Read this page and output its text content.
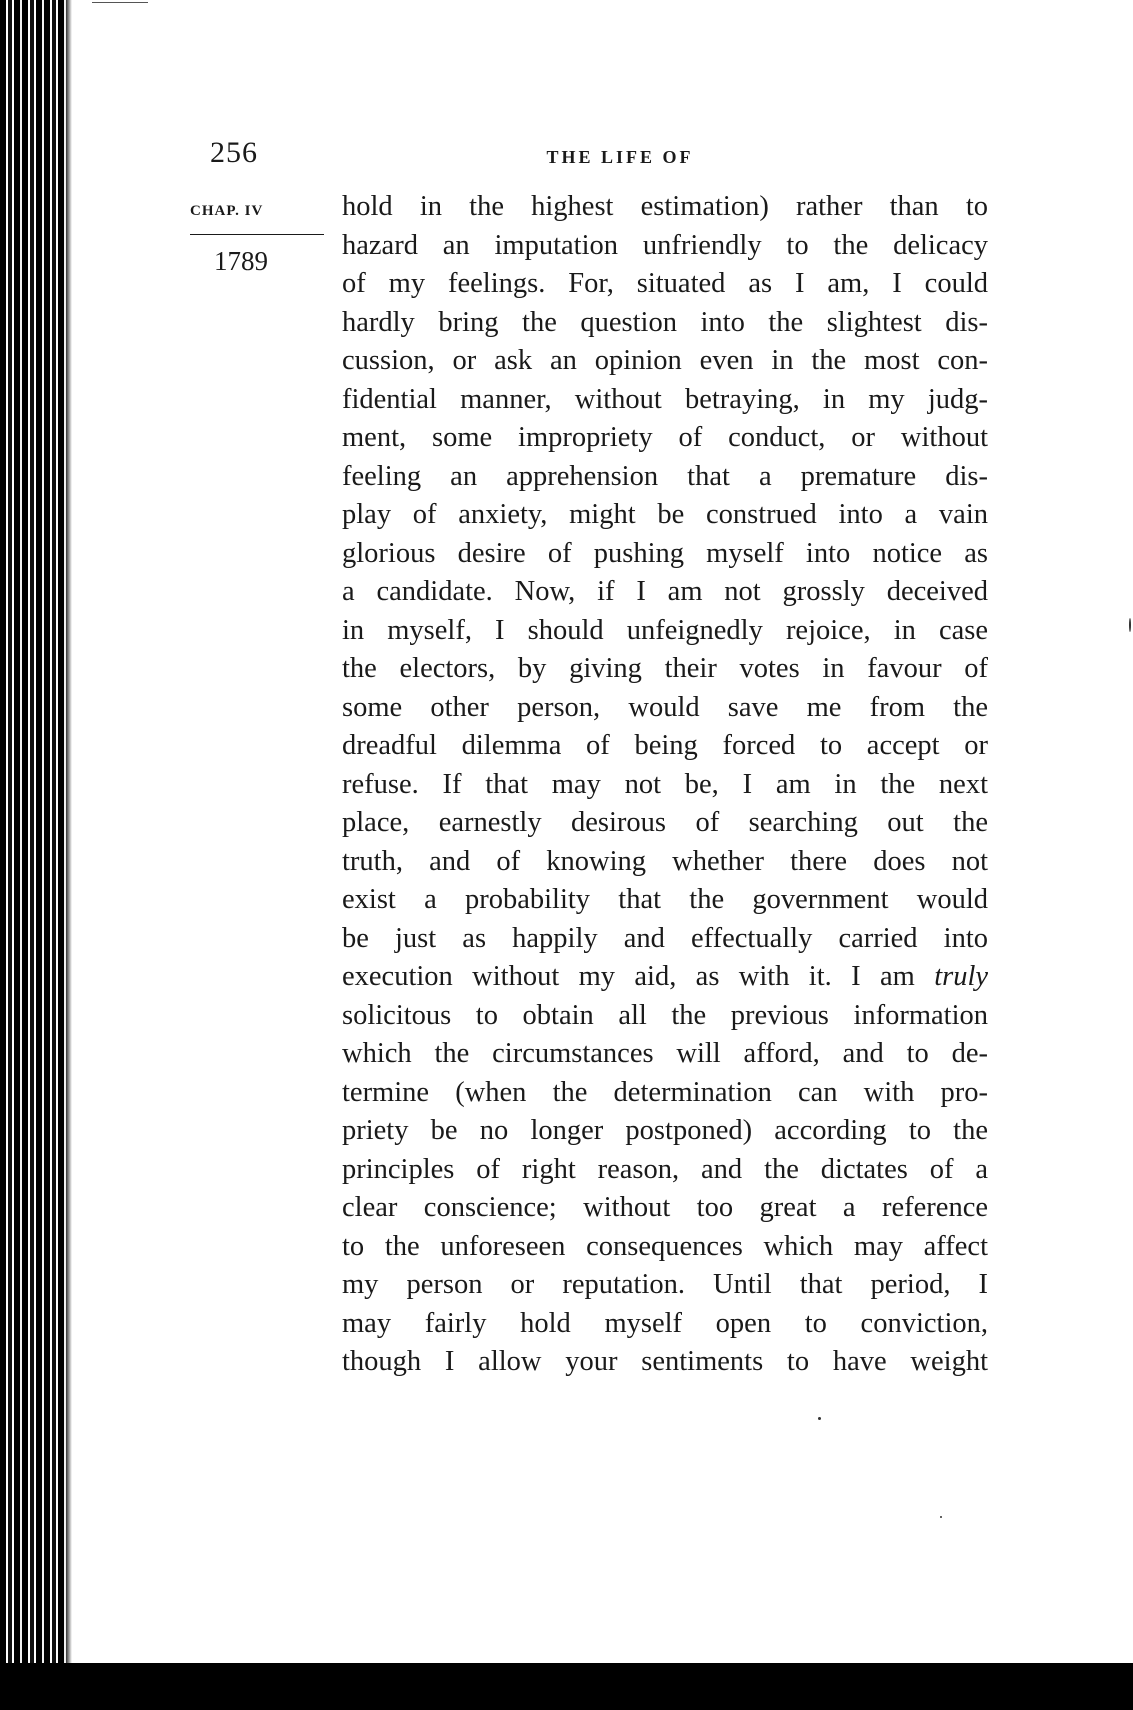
256	THE LIFE OF
CHAP. IV
1789
hold in the highest estimation) rather than to
hazard an imputation unfriendly to the delicacy
of my feelings. For, situated as I am, I could
hardly bring the question into the slightest dis-
cussion, or ask an opinion even in the most con-
fidential manner, without betraying, in my judg-
ment, some impropriety of conduct, or without
feeling an apprehension that a premature dis-
play of anxiety, might be construed into a vain
glorious desire of pushing myself into notice as
a candidate. Now, if I am not grossly deceived
in myself, I should unfeignedly rejoice, in case
the electors, by giving their votes in favour of
some other person, would save me from the
dreadful dilemma of being forced to accept or
refuse. If that may not be, I am in the next
place, earnestly desirous of searching out the
truth, and of knowing whether there does not
exist a probability that the government would
be just as happily and effectually carried into
execution without my aid, as with it. I am truly
solicitous to obtain all the previous information
which the circumstances will afford, and to de-
termine (when the determination can with pro-
priety be no longer postponed) according to the
principles of right reason, and the dictates of a
clear conscience; without too great a reference
to the unforeseen consequences which may affect
my person or reputation. Until that period, I
may fairly hold myself open to conviction,
though I allow your sentiments to have weight
